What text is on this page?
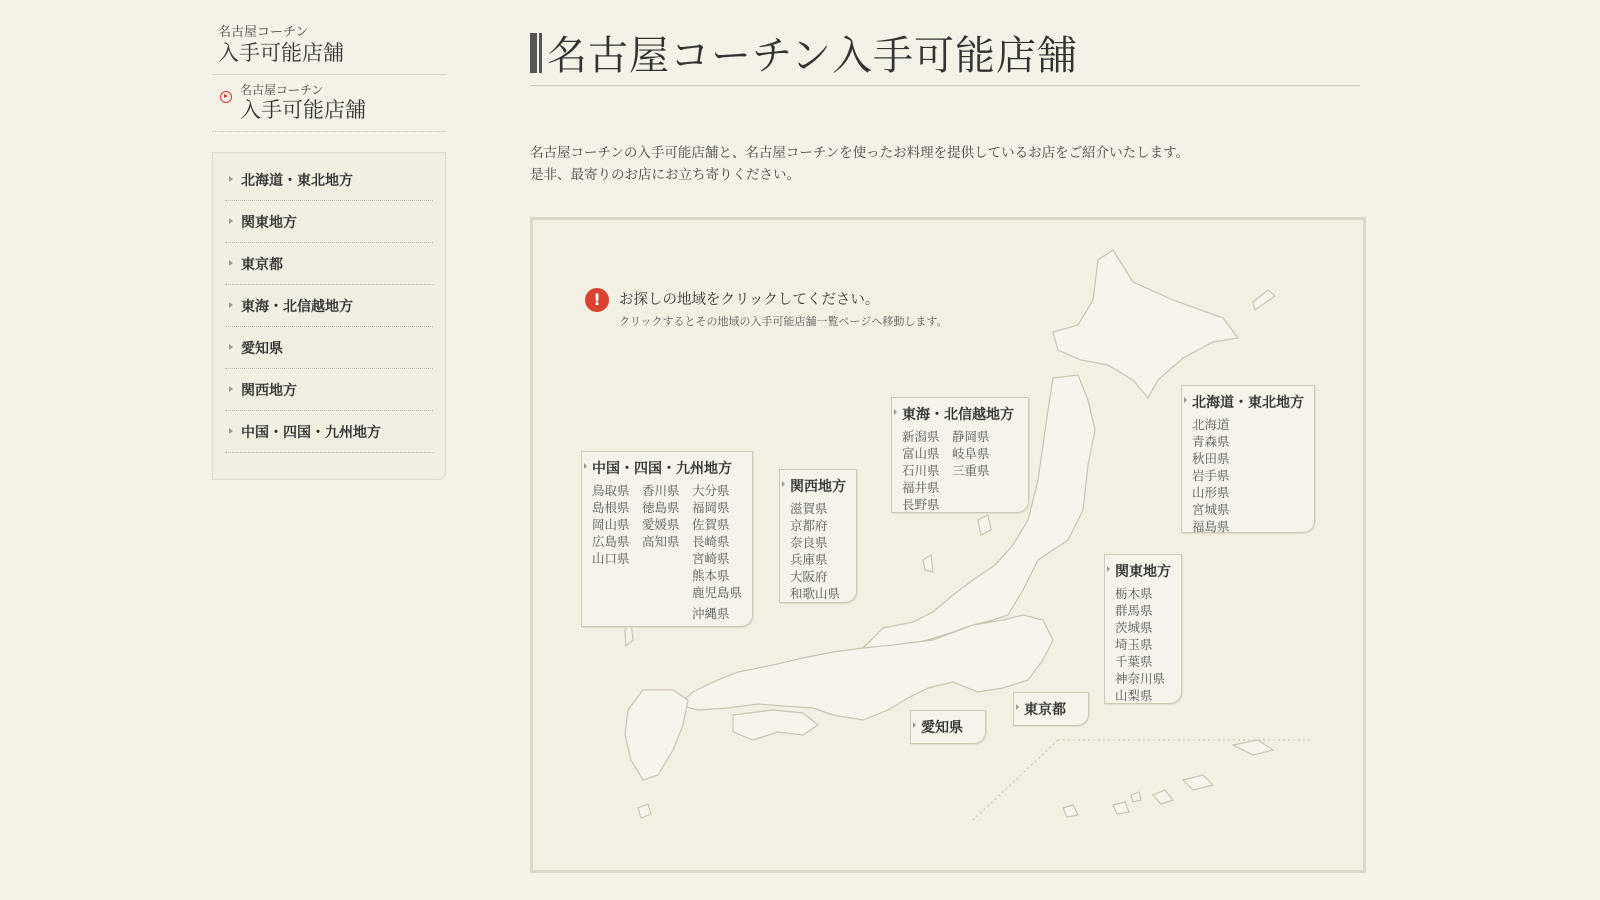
名古屋コーチン
入手可能店舗
名古屋コーチン
入手可能店舗
北海道・東北地方
関東地方
東京都
東海・北信越地方
愛知県
関西地方
中国・四国・九州地方
名古屋コーチン入手可能店舗
名古屋コーチンの入手可能店舗と、名古屋コーチンを使ったお料理を提供しているお店をご紹介いたします。
是非、最寄りのお店にお立ち寄りください。
!	お探しの地域をクリックしてください。
クリックするとその地域の入手可能店舗一覧ページへ移動します。
中国・四国・九州地方
鳥取県 香川県 大分県
島根県 徳島県 福岡県
岡山県 愛媛県 佐賀県
広島県 高知県 長崎県
山口県	宮崎県
熊本県
鹿児島県
沖縄県
関西地方
滋賀県
京都府
奈良県
兵庫県
大阪府
和歌山県
東海・北信越地方
新潟県 静岡県
富山県 岐阜県
石川県 三重県
福井県
長野県
北海道・東北地方
北海道
青森県
秋田県
岩手県
山形県
宮城県
福島県
関東地方
栃木県
群馬県
茨城県
埼玉県
千葉県
神奈川県
山梨県
東京都
愛知県
